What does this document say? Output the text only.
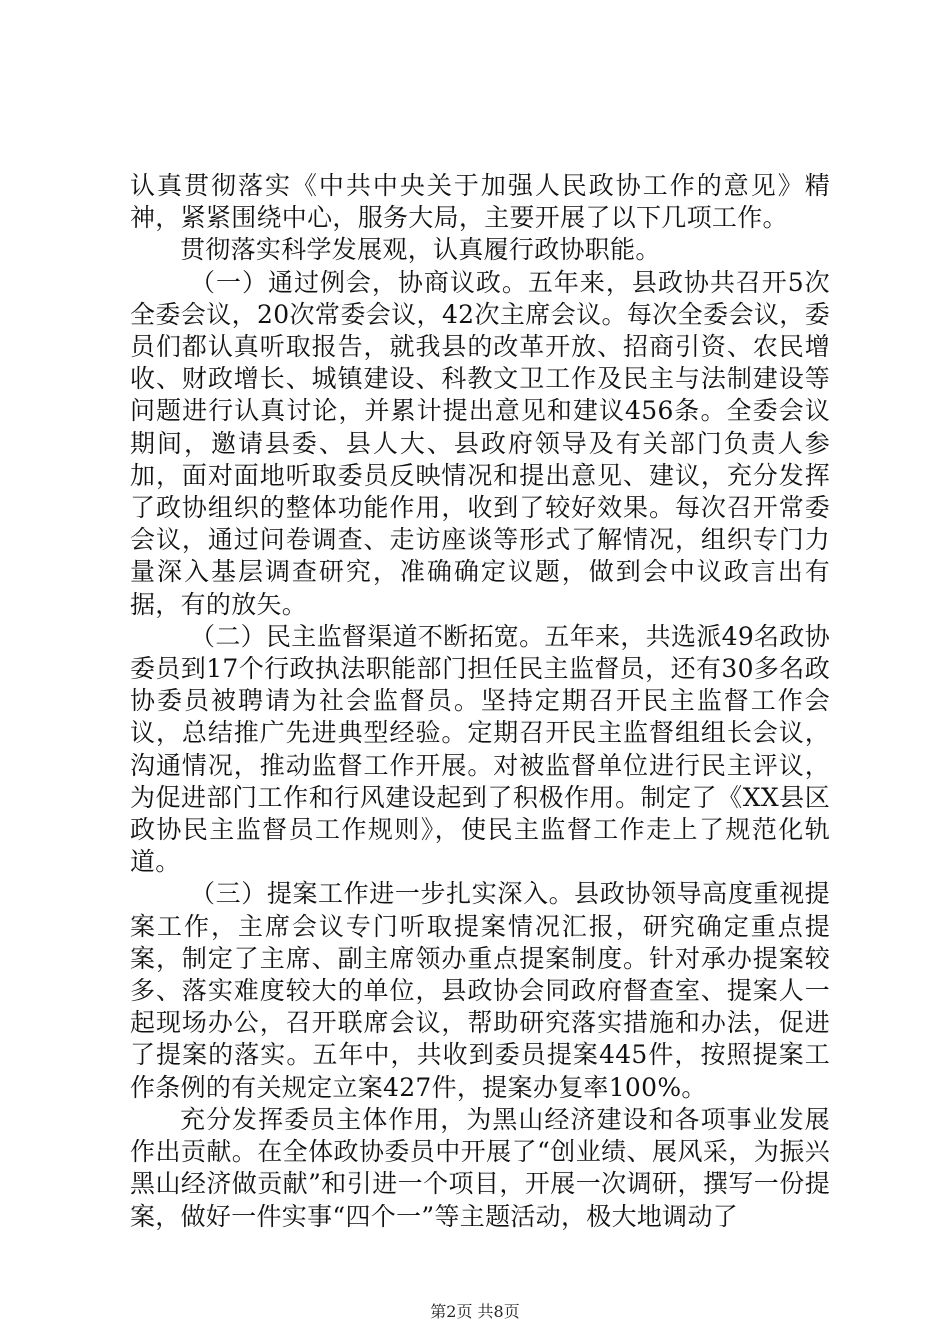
认真贯彻落实《中共中央关于加强人民政协工作的意见》精神，紧紧围绕中心，服务大局，主要开展了以下几项工作。

贯彻落实科学发展观，认真履行政协职能。

（一）通过例会，协商议政。五年来，县政协共召开5次全委会议，20次常委会议，42次主席会议。每次全委会议，委员们都认真听取报告，就我县的改革开放、招商引资、农民增收、财政增长、城镇建设、科教文卫工作及民主与法制建设等问题进行认真讨论，并累计提出意见和建议456条。全委会议期间，邀请县委、县人大、县政府领导及有关部门负责人参加，面对面地听取委员反映情况和提出意见、建议，充分发挥了政协组织的整体功能作用，收到了较好效果。每次召开常委会议，通过问卷调查、走访座谈等形式了解情况，组织专门力量深入基层调查研究，准确确定议题，做到会中议政言出有据，有的放矢。

（二）民主监督渠道不断拓宽。五年来，共选派49名政协委员到17个行政执法职能部门担任民主监督员，还有30多名政协委员被聘请为社会监督员。坚持定期召开民主监督工作会议，总结推广先进典型经验。定期召开民主监督组组长会议，沟通情况，推动监督工作开展。对被监督单位进行民主评议，为促进部门工作和行风建设起到了积极作用。制定了《XX县区政协民主监督员工作规则》，使民主监督工作走上了规范化轨道。

（三）提案工作进一步扎实深入。县政协领导高度重视提案工作，主席会议专门听取提案情况汇报，研究确定重点提案，制定了主席、副主席领办重点提案制度。针对承办提案较多、落实难度较大的单位，县政协会同政府督查室、提案人一起现场办公，召开联席会议，帮助研究落实措施和办法，促进了提案的落实。五年中，共收到委员提案445件，按照提案工作条例的有关规定立案427件，提案办复率100%。

充分发挥委员主体作用，为黑山经济建设和各项事业发展作出贡献。在全体政协委员中开展了“创业绩、展风采，为振兴黑山经济做贡献”和引进一个项目，开展一次调研，撰写一份提案，做好一件实事“四个一”等主题活动，极大地调动了

第2页 共8页
